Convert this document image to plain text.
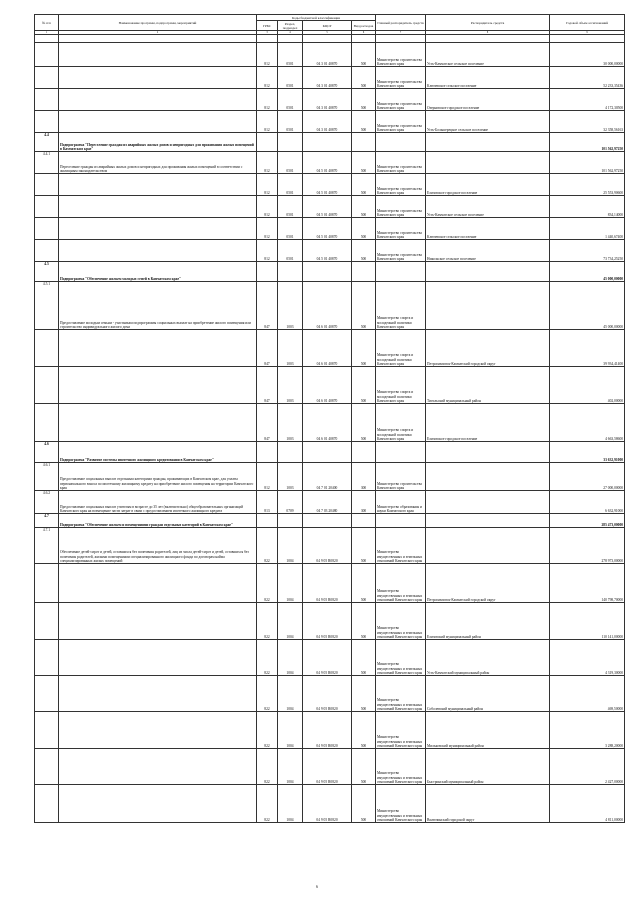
№ п/п	Наименование программ, подпрограмм, мероприятий	Коды бюджетной классификации				Главный распорядитель средств	Распорядитель средств	Годовой объем ассигнований
		ГРБС	Раздел, подраздел	КЦСР	Вид расходов			
1	2	3	4	5	6	7	8	9

		812	0501	04 3 01 40870	500	Министерство строительства Камчатского края	Усть-Камчатское сельское поселение	30 000,00000
		812	0501	04 3 01 40870	500	Министерство строительства Камчатского края	Ключевское сельское поселение	52 233,35436
		812	0501	04 3 01 40870	500	Министерство строительства Камчатского края	Озерновское городское поселение	4 172,30500
		812	0501	04 3 01 40870	500	Министерство строительства Камчатского края	Усть-Большерецкое сельское поселение	32 358,56163
4.4	Подпрограмма "Переселение граждан из аварийных жилых домов и непригодных для проживания жилых помещений в Камчатском крае"							101 562,97250
4.4.1	Переселение граждан из аварийных жилых домов и непригодных для проживания жилых помещений в соответствии с жилищным законодательством	812	0501	04 5 01 40870	500	Министерство строительства Камчатского края		101 562,97250
		812	0501	04 5 01 40870	500	Министерство строительства Камчатского края	Елизовское городское поселение	25 553,90600
		812	0501	04 5 01 40870	500	Министерство строительства Камчатского края	Усть-Камчатское сельское поселение	834,14000
		812	0501	04 5 01 40870	500	Министерство строительства Камчатского края	Ключевское сельское поселение	1 440,67400
		812	0501	04 5 01 40870	500	Министерство строительства Камчатского края	Никольское сельское поселение	73 734,25250
4.5	Подпрограмма "Обеспечение жильем молодых семей в Камчатском крае"							45 000,00000
4.5.1	Предоставление молодым семьям - участникам подпрограммы социальных выплат на приобретение жилого помещения или строительство индивидуального жилого дома	847	1003	04 6 01 40870	500	Министерство спорта и молодежной политики Камчатского края		45 000,00000
		847	1003	04 6 01 40870	500	Министерство спорта и молодежной политики Камчатского края	Петропавловск-Камчатский городской округ	39 934,41400
		847	1003	04 6 01 40870	500	Министерство спорта и молодежной политики Камчатского края	Тигильский муниципальный район	402,00000
		847	1003	04 6 01 40870	500	Министерство спорта и молодежной политики Камчатского края	Елизовское городское поселение	4 663,58600
4.6	Подпрограмма "Развитие системы ипотечного жилищного кредитования в Камчатском крае"							33 632,91000
4.6.1	Предоставление социальных выплат отдельным категориям граждан, проживающих в Камчатском крае, для уплаты первоначального взноса по ипотечному жилищному кредиту на приобретение жилого помещения на территории Камчатского края	812	1003	04 7 01 20400	300	Министерство строительства Камчатского края		27 000,00000
4.6.2	Предоставление социальных выплат учителям в возрасте до 35 лет (включительно) общеобразовательных организаций Камчатского края на возмещение части затрат в связи с предоставлением ипотечного жилищного кредита	813	0709	04 7 03 20480	300	Министерство образования и науки Камчатского края		6 632,91000
4.7	Подпрограмма "Обеспечение жильем и помещениями граждан отдельных категорий в Камчатском крае"							285 473,00000
4.7.1	Обеспечение детей-сирот и детей, оставшихся без попечения родителей, лиц из числа детей-сирот и детей, оставшихся без попечения родителей, жилыми помещениями специализированного жилищного фонда по договорам найма специализированных жилых помещений	822	1004	04 9 05 R0820	500	Министерство имущественных и земельных отношений Камчатского края		278 973,00000
		822	1004	04 9 05 R0820	500	Министерство имущественных и земельных отношений Камчатского края	Петропавловск-Камчатский городской округ	140 798,70000
		822	1004	04 9 05 R0820	500	Министерство имущественных и земельных отношений Камчатского края	Елизовский муниципальный район	110 141,00000
		822	1004	04 9 05 R0820	500	Министерство имущественных и земельных отношений Камчатского края	Усть-Камчатский муниципальный район	4 319,30000
		822	1004	04 9 05 R0820	500	Министерство имущественных и земельных отношений Камчатского края	Соболевский муниципальный район	469,50000
		822	1004	04 9 05 R0820	500	Министерство имущественных и земельных отношений Камчатского края	Мильковский муниципальный район	3 288,20000
		822	1004	04 9 05 R0820	500	Министерство имущественных и земельных отношений Камчатского края	Быстринский муниципальный район	2 427,00000
		822	1004	04 9 05 R0820	500	Министерство имущественных и земельных отношений Камчатского края	Вилючинский городской округ	4 811,00000
6
